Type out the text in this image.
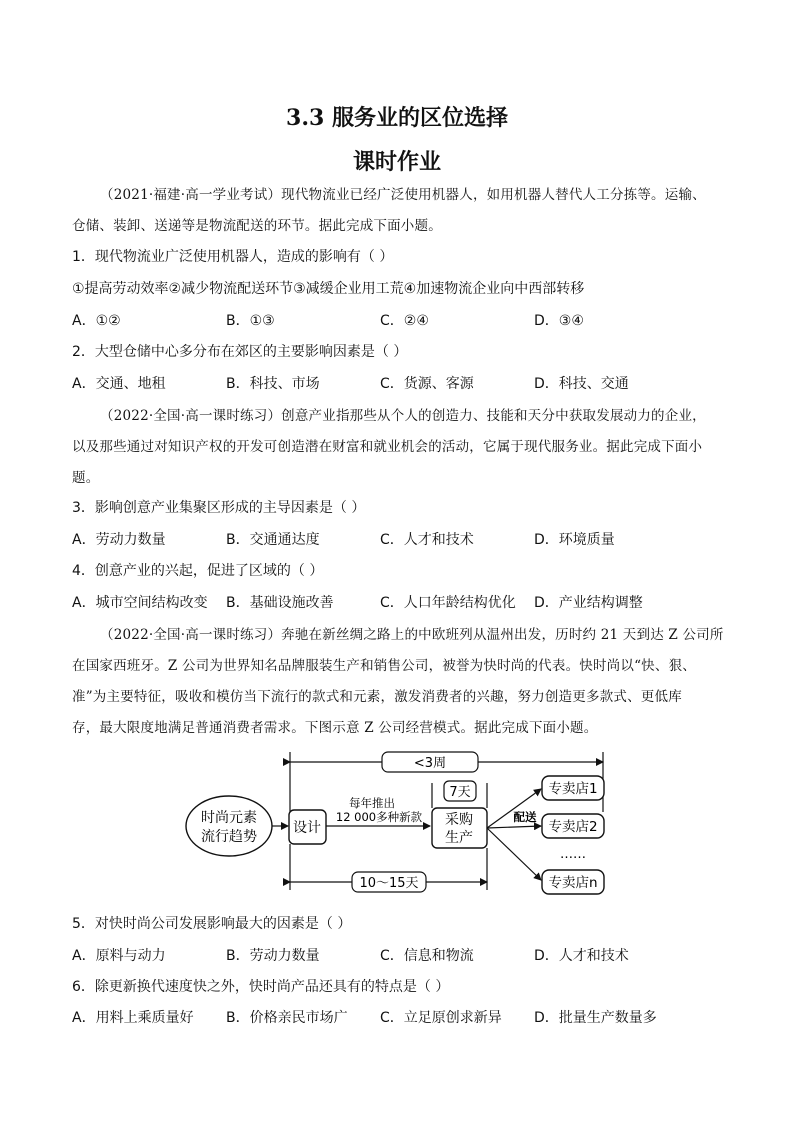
3.3 服务业的区位选择
课时作业
（2021·福建·高一学业考试）现代物流业已经广泛使用机器人，如用机器人替代人工分拣等。运输、
仓储、装卸、送递等是物流配送的环节。据此完成下面小题。
1．现代物流业广泛使用机器人，造成的影响有（ ）
①提高劳动效率②减少物流配送环节③减缓企业用工荒④加速物流企业向中西部转移
A．①②	B．①③	C．②④	D．③④
2．大型仓储中心多分布在郊区的主要影响因素是（ ）
A．交通、地租	B．科技、市场	C．货源、客源	D．科技、交通
（2022·全国·高一课时练习）创意产业指那些从个人的创造力、技能和天分中获取发展动力的企业，
以及那些通过对知识产权的开发可创造潜在财富和就业机会的活动，它属于现代服务业。据此完成下面小
题。
3．影响创意产业集聚区形成的主导因素是（ ）
A．劳动力数量	B．交通通达度	C．人才和技术	D．环境质量
4．创意产业的兴起，促进了区域的（ ）
A．城市空间结构改变 B．基础设施改善	C．人口年龄结构优化 D．产业结构调整
（2022·全国·高一课时练习）奔驰在新丝绸之路上的中欧班列从温州出发，历时约 21 天到达 Z 公司所
在国家西班牙。Z 公司为世界知名品牌服装生产和销售公司，被誉为快时尚的代表。快时尚以“快、狠、
准”为主要特征，吸收和模仿当下流行的款式和元素，激发消费者的兴趣，努力创造更多款式、更低库
存，最大限度地满足普通消费者需求。下图示意 Z 公司经营模式。据此完成下面小题。
<3周
时尚元素
流行趋势
设计
每年推出
12 000多种新款
7天
采购
生产
配送
专卖店1
专卖店2
……
专卖店n
10～15天
5．对快时尚公司发展影响最大的因素是（ ）
A．原料与动力	B．劳动力数量	C．信息和物流	D．人才和技术
6．除更新换代速度快之外，快时尚产品还具有的特点是（ ）
A．用料上乘质量好 B．价格亲民市场广 C．立足原创求新异 D．批量生产数量多
